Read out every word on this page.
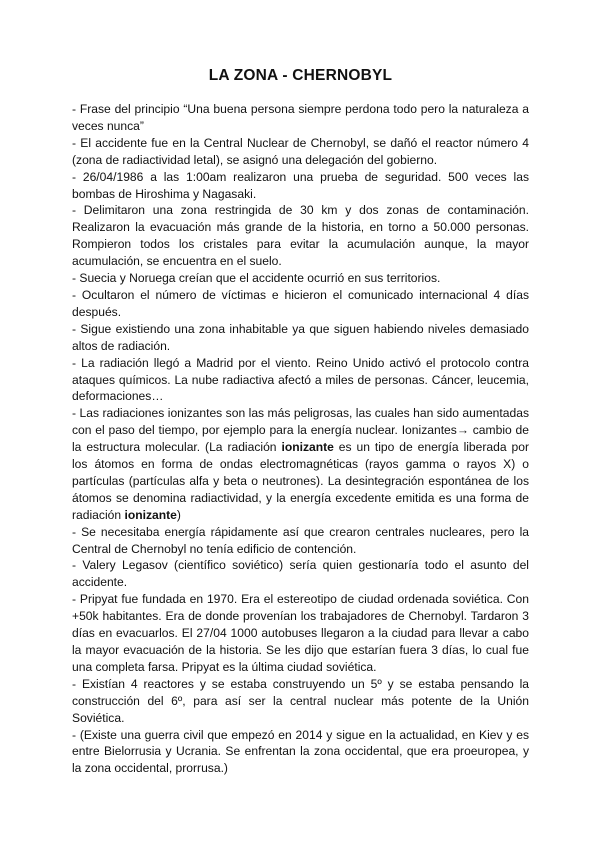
LA ZONA - CHERNOBYL

- Frase del principio “Una buena persona siempre perdona todo pero la naturaleza a veces nunca”

- El accidente fue en la Central Nuclear de Chernobyl, se dañó el reactor número 4 (zona de radiactividad letal), se asignó una delegación del gobierno.

- 26/04/1986 a las 1:00am realizaron una prueba de seguridad. 500 veces las bombas de Hiroshima y Nagasaki.

- Delimitaron una zona restringida de 30 km y dos zonas de contaminación. Realizaron la evacuación más grande de la historia, en torno a 50.000 personas. Rompieron todos los cristales para evitar la acumulación aunque, la mayor acumulación, se encuentra en el suelo.

- Suecia y Noruega creían que el accidente ocurrió en sus territorios.

- Ocultaron el número de víctimas e hicieron el comunicado internacional 4 días después.

- Sigue existiendo una zona inhabitable ya que siguen habiendo niveles demasiado altos de radiación.

- La radiación llegó a Madrid por el viento. Reino Unido activó el protocolo contra ataques químicos. La nube radiactiva afectó a miles de personas. Cáncer, leucemia, deformaciones…

- Las radiaciones ionizantes son las más peligrosas, las cuales han sido aumentadas con el paso del tiempo, por ejemplo para la energía nuclear. Ionizantes→ cambio de la estructura molecular. (La radiación ionizante es un tipo de energía liberada por los átomos en forma de ondas electromagnéticas (rayos gamma o rayos X) o partículas (partículas alfa y beta o neutrones). La desintegración espontánea de los átomos se denomina radiactividad, y la energía excedente emitida es una forma de radiación ionizante)

- Se necesitaba energía rápidamente así que crearon centrales nucleares, pero la Central de Chernobyl no tenía edificio de contención.

- Valery Legasov (científico soviético) sería quien gestionaría todo el asunto del accidente.

- Pripyat fue fundada en 1970. Era el estereotipo de ciudad ordenada soviética. Con +50k habitantes. Era de donde provenían los trabajadores de Chernobyl. Tardaron 3 días en evacuarlos. El 27/04 1000 autobuses llegaron a la ciudad para llevar a cabo la mayor evacuación de la historia. Se les dijo que estarían fuera 3 días, lo cual fue una completa farsa. Pripyat es la última ciudad soviética.

- Existían 4 reactores y se estaba construyendo un 5º y se estaba pensando la construcción del 6º, para así ser la central nuclear más potente de la Unión Soviética.

- (Existe una guerra civil que empezó en 2014 y sigue en la actualidad, en Kiev y es entre Bielorrusia y Ucrania. Se enfrentan la zona occidental, que era proeuropea, y la zona occidental, prorrusa.)
